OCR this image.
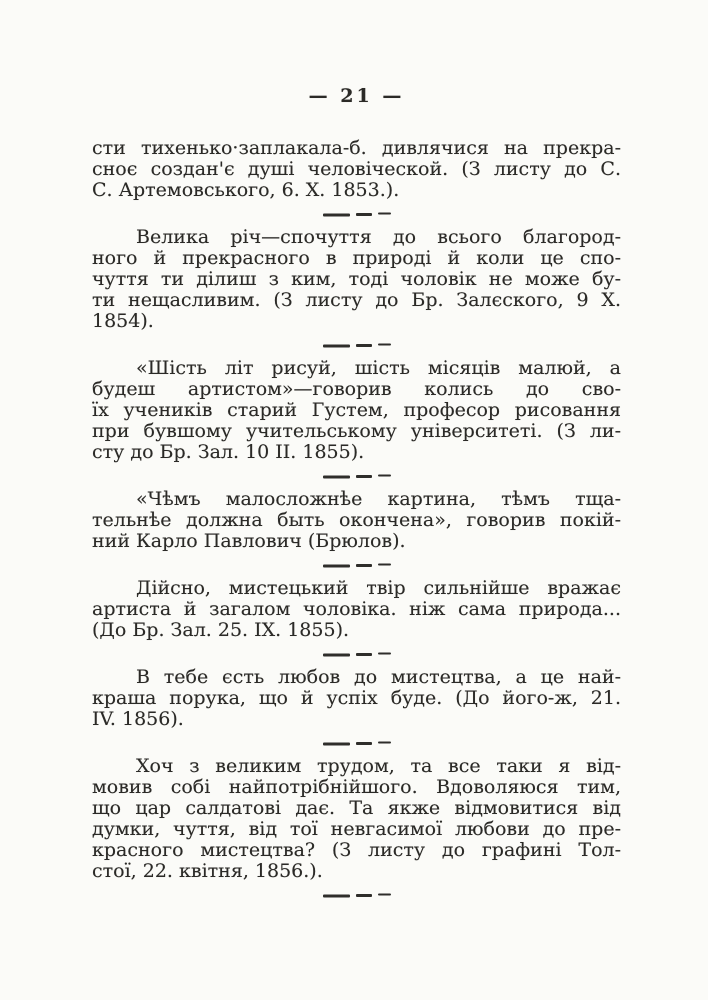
— 21 —
сти тихенько·заплакала-б. дивлячися на прекра-
сноє создан'є душі человіческой. (З листу до С.
С. Артемовського, 6. X. 1853.).
Велика річ—спочуття до всього благород-
ного й прекрасного в природі й коли це спо-
чуття ти ділиш з ким, тоді чоловік не може бу-
ти нещасливим. (З листу до Бр. Залєского, 9 X.
1854).
«Шість літ рисуй, шість місяців малюй, а
будеш артистом»—говорив колись до сво-
їх учеників старий Густем, професор рисовання
при бувшому учительському університеті. (З ли-
сту до Бр. Зал. 10 II. 1855).
«Чѣмъ малосложнѣе картина, тѣмъ тща-
тельнѣе должна быть окончена», говорив покій-
ний Карло Павлович (Брюлов).
Дійсно, мистецький твір сильнійше вражає
артиста й загалом чоловіка. ніж сама природа...
(До Бр. Зал. 25. IX. 1855).
В тебе єсть любов до мистецтва, а це най-
краша порука, що й успіх буде. (До його-ж, 21.
IV. 1856).
Хоч з великим трудом, та все таки я від-
мовив собі найпотрібнійшого. Вдоволяюся тим,
що цар салдатові дає. Та якже відмовитися від
думки, чуття, від тої невгасимої любови до пре-
красного мистецтва? (З листу до графині Тол-
стої, 22. квітня, 1856.).
